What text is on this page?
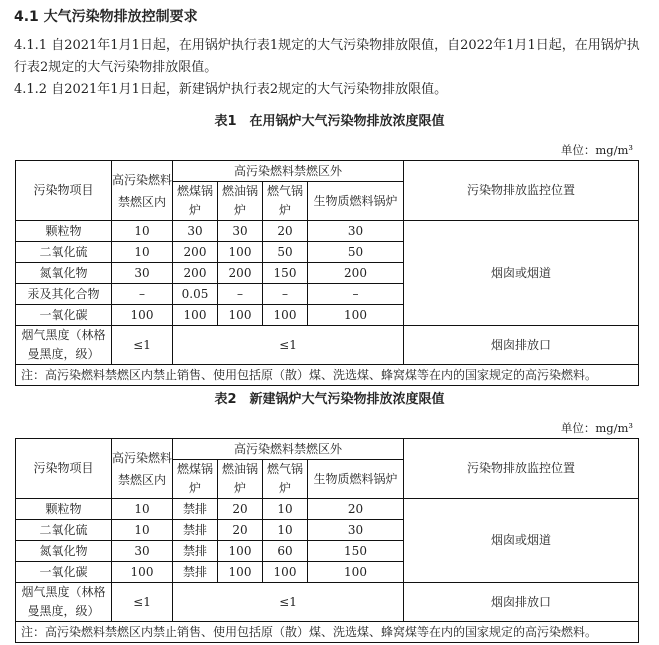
4.1 大气污染物排放控制要求
4.1.1 自2021年1月1日起，在用锅炉执行表1规定的大气污染物排放限值，自2022年1月1日起，在用锅炉执行表2规定的大气污染物排放限值。
4.1.2 自2021年1月1日起，新建锅炉执行表2规定的大气污染物排放限值。
表1　在用锅炉大气污染物排放浓度限值
单位：mg/m³
污染物项目	高污染燃料禁燃区内	高污染燃料禁燃区外				污染物排放监控位置
		燃煤锅炉	燃油锅炉	燃气锅炉	生物质燃料锅炉	
颗粒物	10	30	30	20	30	烟囱或烟道
二氧化硫	10	200	100	50	50	
氮氧化物	30	200	200	150	200	
汞及其化合物	–	0.05	–	–	–	
一氧化碳	100	100	100	100	100	
烟气黑度（林格曼黑度，级）	≤1	≤1				烟囱排放口
注：高污染燃料禁燃区内禁止销售、使用包括原（散）煤、洗选煤、蜂窝煤等在内的国家规定的高污染燃料。						
表2　新建锅炉大气污染物排放浓度限值
单位：mg/m³
污染物项目	高污染燃料禁燃区内	高污染燃料禁燃区外				污染物排放监控位置
		燃煤锅炉	燃油锅炉	燃气锅炉	生物质燃料锅炉	
颗粒物	10	禁排	20	10	20	烟囱或烟道
二氧化硫	10	禁排	20	10	30	
氮氧化物	30	禁排	100	60	150	
一氧化碳	100	禁排	100	100	100	
烟气黑度（林格曼黑度，级）	≤1	≤1				烟囱排放口
注：高污染燃料禁燃区内禁止销售、使用包括原（散）煤、洗选煤、蜂窝煤等在内的国家规定的高污染燃料。						
